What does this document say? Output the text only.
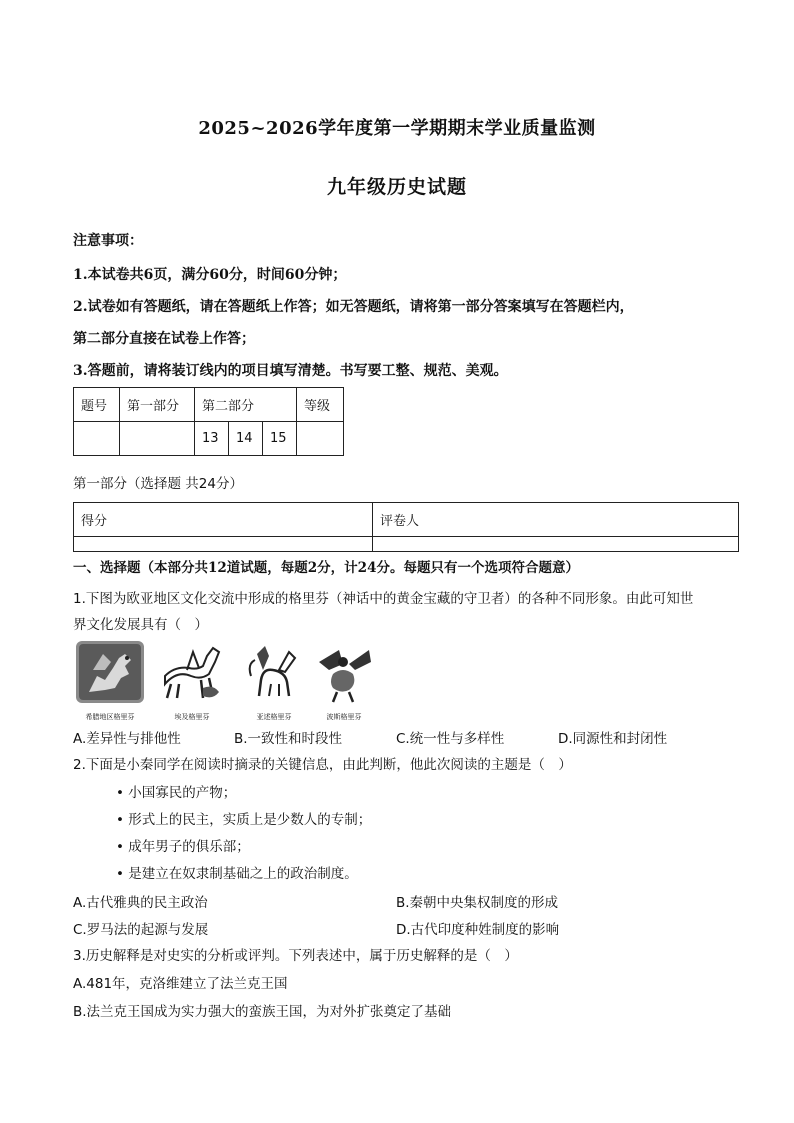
2025~2026学年度第一学期期末学业质量监测
九年级历史试题
注意事项：
1.本试卷共6页，满分60分，时间60分钟；
2.试卷如有答题纸，请在答题纸上作答；如无答题纸，请将第一部分答案填写在答题栏内，
第二部分直接在试卷上作答；
3.答题前，请将装订线内的项目填写清楚。书写要工整、规范、美观。
题号	第一部分	第二部分			等级
		13	14	15	
第一部分（选择题 共24分）
得分	评卷人

一、选择题（本部分共12道试题，每题2分，计24分。每题只有一个选项符合题意）
1.下图为欧亚地区文化交流中形成的格里芬（神话中的黄金宝藏的守卫者）的各种不同形象。由此可知世
界文化发展具有（　）
希腊地区格里芬	埃及格里芬	亚述格里芬	波斯格里芬
A.差异性与排他性	B.一致性和时段性	C.统一性与多样性	D.同源性和封闭性
2.下面是小秦同学在阅读时摘录的关键信息，由此判断，他此次阅读的主题是（　）
• 小国寡民的产物；
• 形式上的民主，实质上是少数人的专制；
• 成年男子的俱乐部；
• 是建立在奴隶制基础之上的政治制度。
A.古代雅典的民主政治	B.秦朝中央集权制度的形成
C.罗马法的起源与发展	D.古代印度种姓制度的影响
3.历史解释是对史实的分析或评判。下列表述中，属于历史解释的是（　）
A.481年，克洛维建立了法兰克王国
B.法兰克王国成为实力强大的蛮族王国，为对外扩张奠定了基础
